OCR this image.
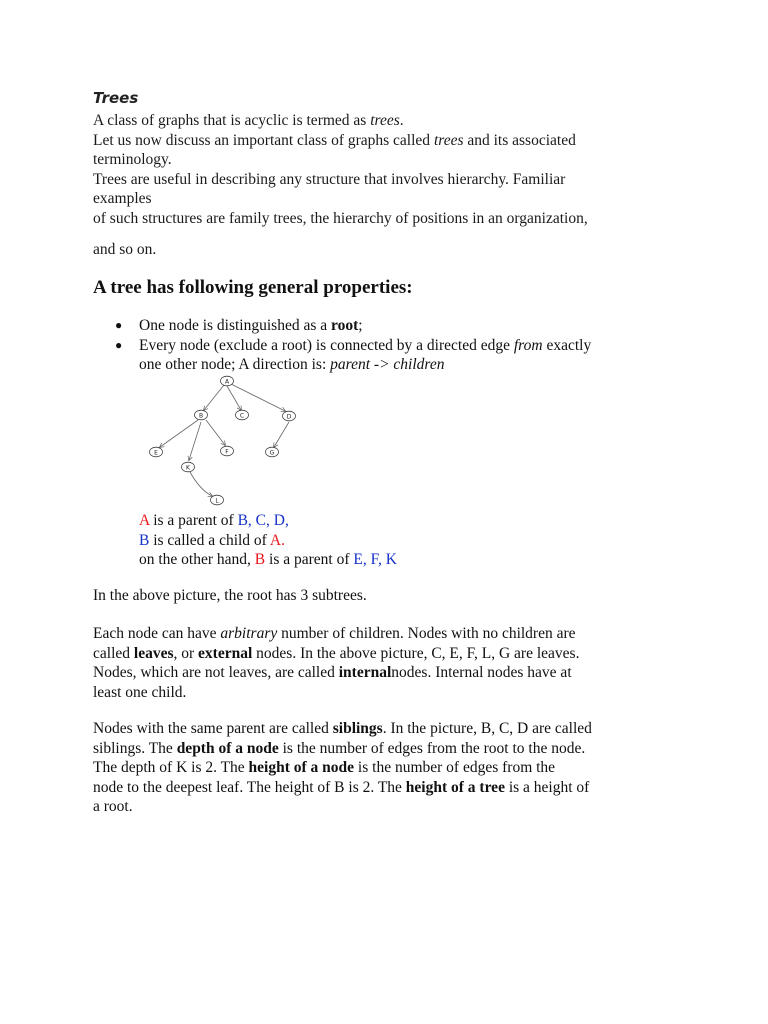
Trees
A class of graphs that is acyclic is termed as trees.
Let us now discuss an important class of graphs called trees and its associated
terminology.
Trees are useful in describing any structure that involves hierarchy. Familiar
examples
of such structures are family trees, the hierarchy of positions in an organization,
and so on.
A tree has following general properties:
● One node is distinguished as a root;
● Every node (exclude a root) is connected by a directed edge from exactly
one other node; A direction is: parent -> children
A
B	C	D
E	F
K
G
L
A is a parent of B, C, D,
B is called a child of A.
on the other hand, B is a parent of E, F, K
In the above picture, the root has 3 subtrees.
Each node can have arbitrary number of children. Nodes with no children are
called leaves, or external nodes. In the above picture, C, E, F, L, G are leaves.
Nodes, which are not leaves, are called internalnodes. Internal nodes have at
least one child.
Nodes with the same parent are called siblings. In the picture, B, C, D are called
siblings. The depth of a node is the number of edges from the root to the node.
The depth of K is 2. The height of a node is the number of edges from the
node to the deepest leaf. The height of B is 2. The height of a tree is a height of
a root.
